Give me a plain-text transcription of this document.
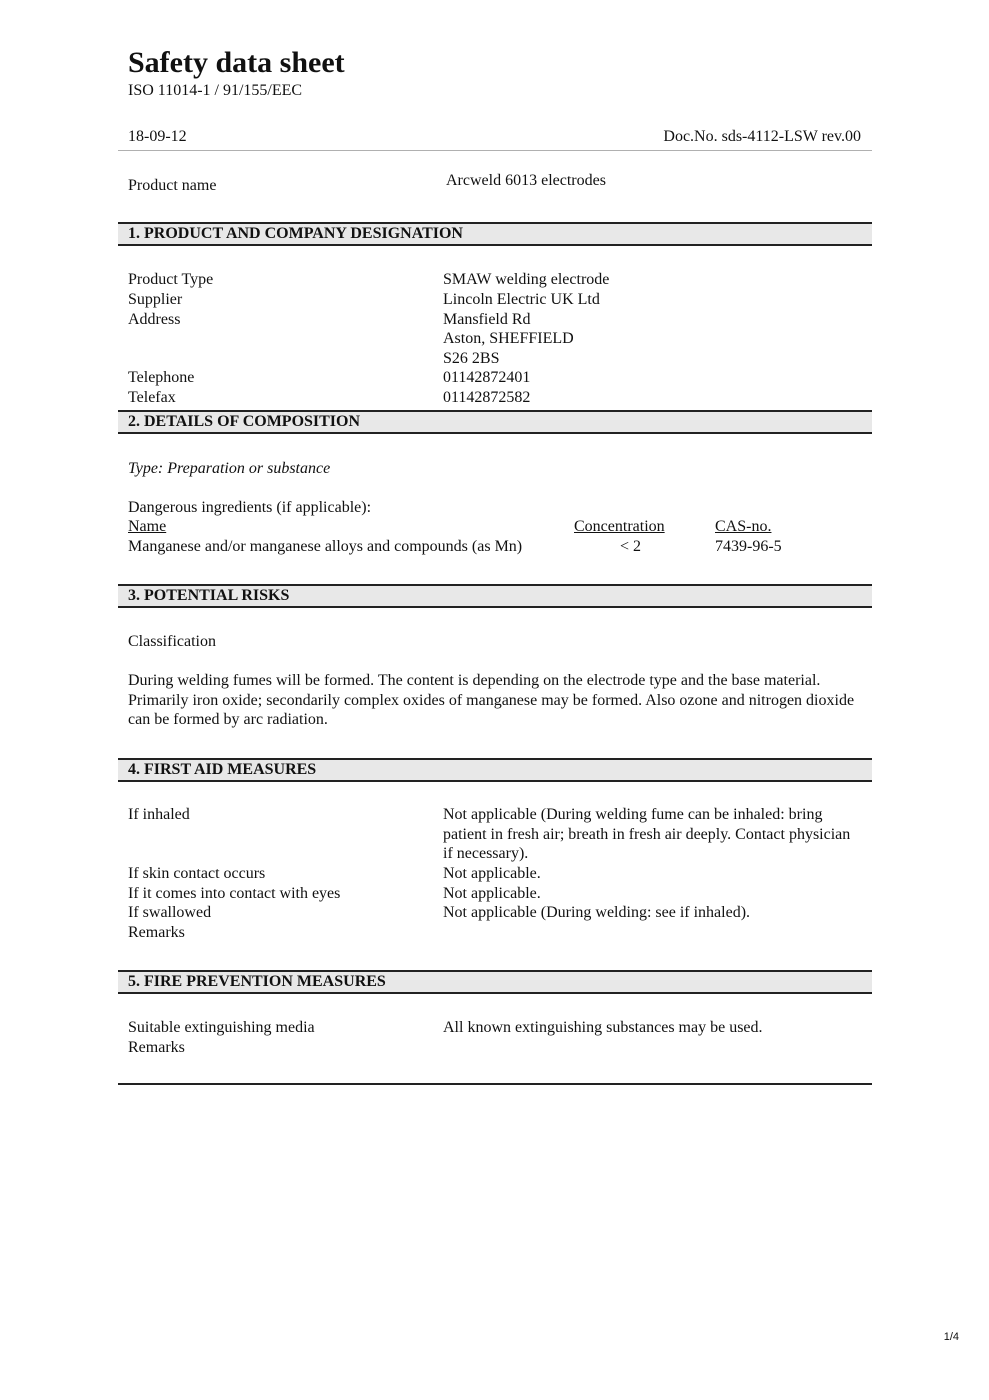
Safety data sheet
ISO 11014-1 / 91/155/EEC
18-09-12	Doc.No. sds-4112-LSW rev.00
Product name	Arcweld 6013 electrodes
1. PRODUCT AND COMPANY DESIGNATION
Product Type	SMAW welding electrode
Supplier	Lincoln Electric UK Ltd
Address	Mansfield Rd
Aston, SHEFFIELD
S26 2BS
Telephone	01142872401
Telefax	01142872582
2. DETAILS OF COMPOSITION
Type: Preparation or substance
Dangerous ingredients (if applicable):
Name	Concentration	CAS-no.
Manganese and/or manganese alloys and compounds (as Mn)	< 2	7439-96-5
3. POTENTIAL RISKS
Classification
During welding fumes will be formed. The content is depending on the electrode type and the base material. Primarily iron oxide; secondarily complex oxides of manganese may be formed. Also ozone and nitrogen dioxide can be formed by arc radiation.
4. FIRST AID MEASURES
If inhaled	Not applicable (During welding fume can be inhaled: bring patient in fresh air; breath in fresh air deeply. Contact physician if necessary).
If skin contact occurs	Not applicable.
If it comes into contact with eyes	Not applicable.
If swallowed	Not applicable (During welding: see if inhaled).
Remarks
5. FIRE PREVENTION MEASURES
Suitable extinguishing media	All known extinguishing substances may be used.
Remarks
1/4
